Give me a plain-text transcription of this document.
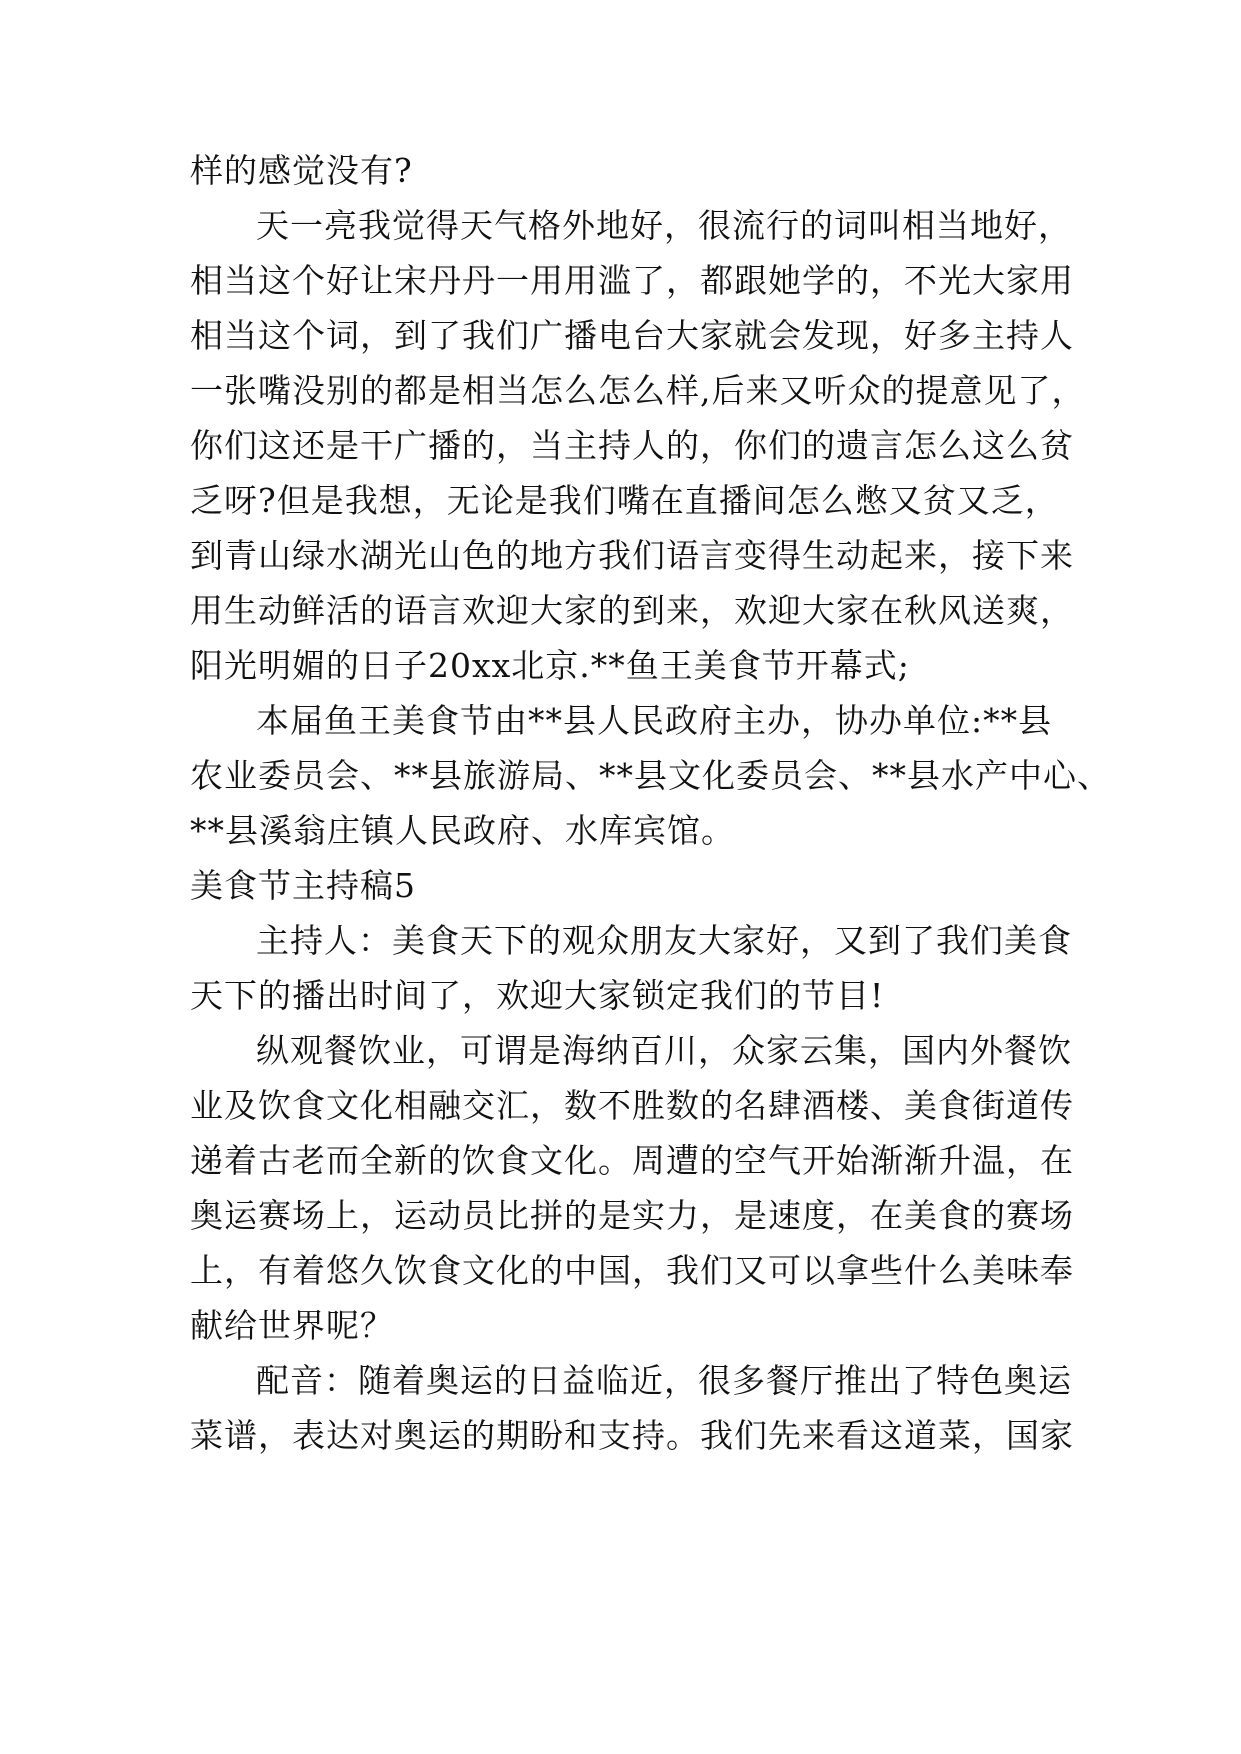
样的感觉没有?
天一亮我觉得天气格外地好，很流行的词叫相当地好，
相当这个好让宋丹丹一用用滥了，都跟她学的，不光大家用
相当这个词，到了我们广播电台大家就会发现，好多主持人
一张嘴没别的都是相当怎么怎么样,后来又听众的提意见了，
你们这还是干广播的，当主持人的，你们的遗言怎么这么贫
乏呀?但是我想，无论是我们嘴在直播间怎么憋又贫又乏，
到青山绿水湖光山色的地方我们语言变得生动起来，接下来
用生动鲜活的语言欢迎大家的到来，欢迎大家在秋风送爽，
阳光明媚的日子20xx北京.**鱼王美食节开幕式;
本届鱼王美食节由**县人民政府主办，协办单位:**县
农业委员会、**县旅游局、**县文化委员会、**县水产中心、
**县溪翁庄镇人民政府、水库宾馆。
美食节主持稿5
主持人：美食天下的观众朋友大家好，又到了我们美食
天下的播出时间了，欢迎大家锁定我们的节目!
纵观餐饮业，可谓是海纳百川，众家云集，国内外餐饮
业及饮食文化相融交汇，数不胜数的名肆酒楼、美食街道传
递着古老而全新的饮食文化。周遭的空气开始渐渐升温，在
奥运赛场上，运动员比拼的是实力，是速度，在美食的赛场
上，有着悠久饮食文化的中国，我们又可以拿些什么美味奉
献给世界呢？
配音：随着奥运的日益临近，很多餐厅推出了特色奥运
菜谱，表达对奥运的期盼和支持。我们先来看这道菜，国家
